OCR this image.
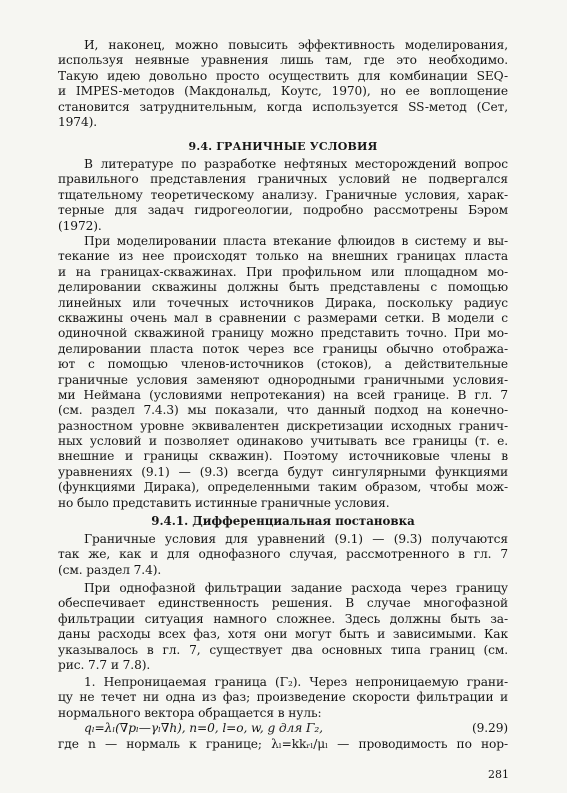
И, наконец, можно повысить эффективность моделирования,
используя неявные уравнения лишь там, где это необходимо.
Такую идею довольно просто осуществить для комбинации SEQ-
и IMPES-методов (Макдональд, Коутс, 1970), но ее воплощение
становится затруднительным, когда используется SS-метод (Сет,
1974).
9.4. ГРАНИЧНЫЕ УСЛОВИЯ
В литературе по разработке нефтяных месторождений вопрос
правильного представления граничных условий не подвергался
тщательному теоретическому анализу. Граничные условия, харак-
терные для задач гидрогеологии, подробно рассмотрены Бэром
(1972).
При моделировании пласта втекание флюидов в систему и вы-
текание из нее происходят только на внешних границах пласта
и на границах-скважинах. При профильном или площадном мо-
делировании скважины должны быть представлены с помощью
линейных или точечных источников Дирака, поскольку радиус
скважины очень мал в сравнении с размерами сетки. В модели с
одиночной скважиной границу можно представить точно. При мо-
делировании пласта поток через все границы обычно отобража-
ют с помощью членов-источников (стоков), а действительные
граничные условия заменяют однородными граничными условия-
ми Неймана (условиями непротекания) на всей границе. В гл. 7
(см. раздел 7.4.3) мы показали, что данный подход на конечно-
разностном уровне эквивалентен дискретизации исходных гранич-
ных условий и позволяет одинаково учитывать все границы (т. е.
внешние и границы скважин). Поэтому источниковые члены в
уравнениях (9.1) — (9.3) всегда будут сингулярными функциями
(функциями Дирака), определенными таким образом, чтобы мож-
но было представить истинные граничные условия.
9.4.1. Дифференциальная постановка
Граничные условия для уравнений (9.1) — (9.3) получаются
так же, как и для однофазного случая, рассмотренного в гл. 7
(см. раздел 7.4).
При однофазной фильтрации задание расхода через границу
обеспечивает единственность решения. В случае многофазной
фильтрации ситуация намного сложнее. Здесь должны быть за-
даны расходы всех фаз, хотя они могут быть и зависимыми. Как
указывалось в гл. 7, существует два основных типа границ (см.
рис. 7.7 и 7.8).
1. Непроницаемая граница (Γ₂). Через непроницаемую грани-
цу не течет ни одна из фаз; произведение скорости фильтрации и
нормального вектора обращается в нуль:
qₗ=λₗ(∇pₗ—γₗ∇h), n=0, l=o, w, g для Γ₂,	(9.29)
где n — нормаль к границе; λₗ=kkᵣₗ/μₗ — проводимость по нор-
281
